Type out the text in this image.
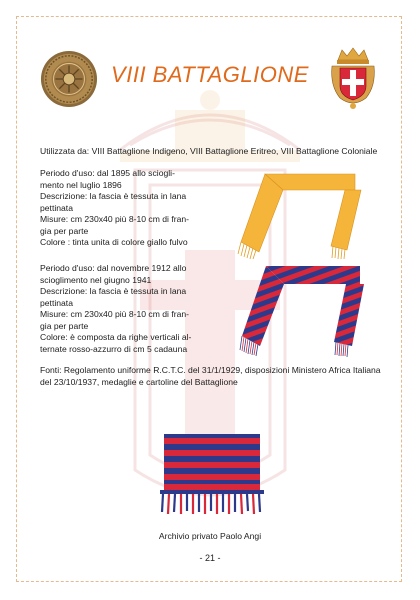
VIII BATTAGLIONE
Utilizzata da: VIII Battaglione Indigeno, VIII Battaglione Eritreo, VIII Battaglione Coloniale

Periodo d'uso: dal 1895 allo sciogli-

mento nel luglio 1896

Descrizione: la fascia è tessuta in lana

pettinata

Misure: cm 230x40 più 8-10 cm di fran-

gia per parte

Colore : tinta unita di colore giallo fulvo

Periodo d'uso: dal novembre 1912 allo

scioglimento nel giugno 1941

Descrizione: la fascia è tessuta in lana

pettinata

Misure: cm 230x40 più 8-10 cm di fran-

gia per parte

Colore: è composta da righe verticali al-

ternate rosso-azzurro di cm 5 cadauna

Fonti: Regolamento uniforme R.C.T.C. del 31/1/1929, disposizioni Ministero Africa Italiana

del 23/10/1937, medaglie e cartoline del Battaglione

Archivio privato Paolo Angi
- 21 -
